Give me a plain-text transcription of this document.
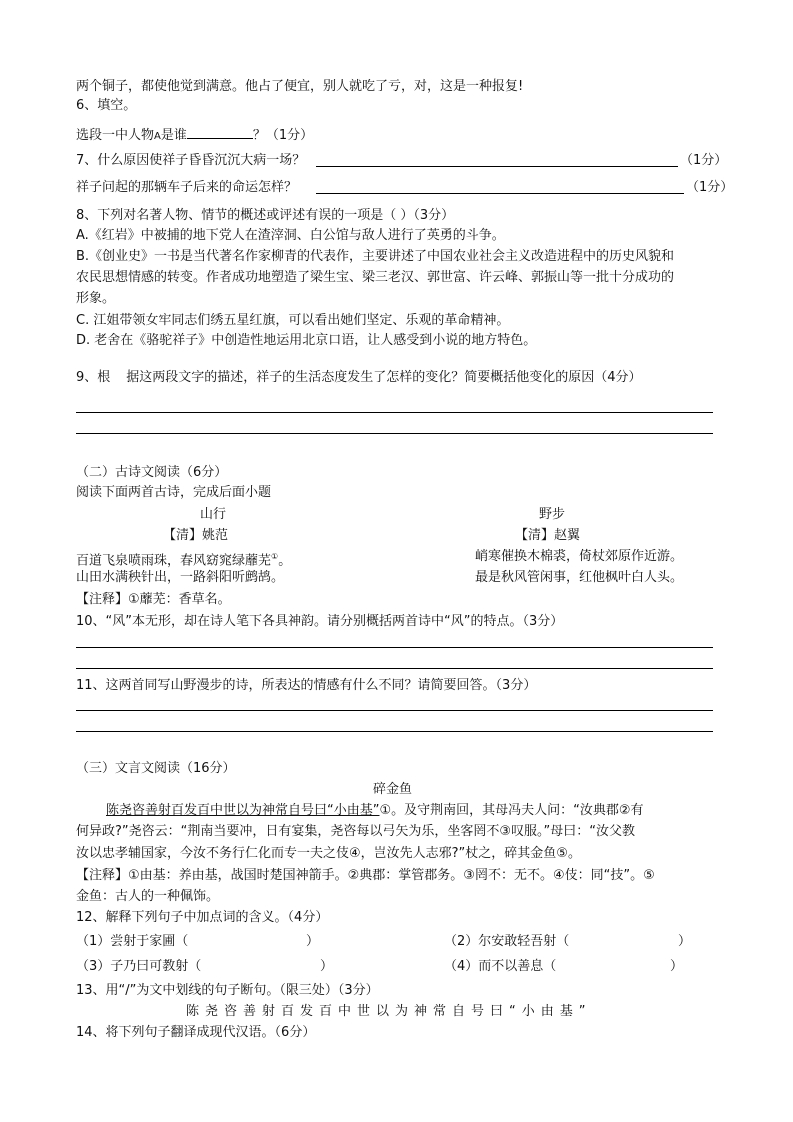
两个铜子，都使他觉到满意。他占了便宜，别人就吃了亏，对，这是一种报复!
6、填空。
选段一中人物A是谁	？（1分）
7、什么原因使祥子昏昏沉沉大病一场？	（1分）
祥子问起的那辆车子后来的命运怎样？	（1分）
8、下列对名著人物、情节的概述或评述有误的一项是（ ）（3分）
A.《红岩》中被捕的地下党人在渣滓洞、白公馆与敌人进行了英勇的斗争。
B.《创业史》一书是当代著名作家柳青的代表作，主要讲述了中国农业社会主义改造进程中的历史风貌和
农民思想情感的转变。作者成功地塑造了梁生宝、梁三老汉、郭世富、许云峰、郭振山等一批十分成功的
形象。
C. 江姐带领女牢同志们绣五星红旗，可以看出她们坚定、乐观的革命精神。
D. 老舍在《骆驼祥子》中创造性地运用北京口语，让人感受到小说的地方特色。
9、根 据这两段文字的描述，祥子的生活态度发生了怎样的变化？简要概括他变化的原因（4分）
（二）古诗文阅读（6分）
阅读下面两首古诗，完成后面小题
山行
【清】姚范
百道飞泉喷雨珠，春风窈窕绿蘼芜①。
山田水满秧针出，一路斜阳听鹧鸪。
野步
【清】赵翼
峭寒催换木棉裘，倚杖郊原作近游。
最是秋风管闲事，红他枫叶白人头。
【注释】①蘼芜：香草名。
10、“风”本无形，却在诗人笔下各具神韵。请分别概括两首诗中“风”的特点。（3分）
11、这两首同写山野漫步的诗，所表达的情感有什么不同？请简要回答。（3分）
（三）文言文阅读（16分）
碎金鱼
陈尧咨善射百发百中世以为神常自号曰“小由基”①。及守荆南回，其母冯夫人问：“汝典郡②有
何异政?”尧咨云：“荆南当要冲，日有宴集，尧咨每以弓矢为乐，坐客罔不③叹服。”母曰：“汝父教
汝以忠孝辅国家，今汝不务行仁化而专一夫之伎④，岂汝先人志邪?”杖之，碎其金鱼⑤。
【注释】①由基：养由基，战国时楚国神箭手。②典郡：掌管郡务。③罔不：无不。④伎：同“技”。⑤
金鱼：古人的一种佩饰。
12、解释下列句子中加点词的含义。（4分）
（1）尝射于家圃（	）	（2）尔安敢轻吾射（	）
（3）子乃曰可教射（	）	（4）而不以善息（	）
13、用“/”为文中划线的句子断句。（限三处）（3分）
陈尧咨善射百发百中世以为神常自号曰“小由基”
14、将下列句子翻译成现代汉语。（6分）
